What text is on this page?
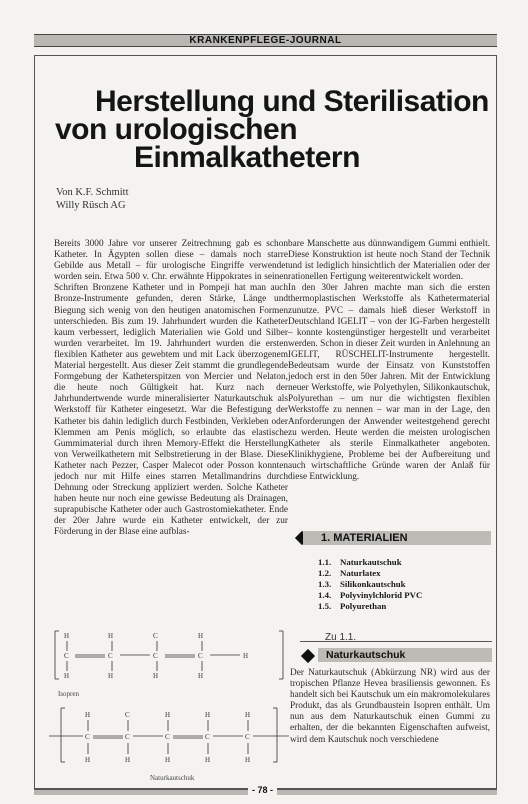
KRANKENPFLEGE-JOURNAL
Herstellung und Sterilisation
von urologischen
Einmalkathetern
Von K.F. Schmitt
Willy Rüsch AG

Bereits 3000 Jahre vor unserer Zeitrechnung gab es schon Katheter. In Ägypten sollen diese – damals noch starre Gebilde aus Metall – für urologische Eingriffe verwendet worden sein. Etwa 500 v. Chr. erwähnte Hippokrates in seinen Schriften Bronzene Katheter und in Pompeji hat man auch Bronze-Instrumente gefunden, deren Stärke, Länge und Biegung sich wenig von den heutigen anatomischen Formen unterschieden. Bis zum 19. Jahrhundert wurden die Katheter kaum verbessert, lediglich Materialien wie Gold und Silber wurden verarbeitet. Im 19. Jahrhundert wurden die ersten flexiblen Katheter aus gewebtem und mit Lack überzogenem Material hergestellt. Aus dieser Zeit stammt die grundlegende Formgebung der Katheterspitzen von Mercier und Nelaton, die heute noch Gültigkeit hat. Kurz nach der Jahrhundertwende wurde mineralisierter Naturkautschuk als Werkstoff für Katheter eingesetzt. War die Befestigung der Katheter bis dahin lediglich durch Festbinden, Verkleben oder Klemmen am Penis möglich, so erlaubte das elastische Gummimaterial durch ihren Memory-Effekt die Herstellung von Verweilkathetern mit Selbstretierung in der Blase. Diese Katheter nach Pezzer, Casper Malecot oder Posson konnten jedoch nur mit Hilfe eines starren Metallmandrins durch Dehnung oder Streckung appliziert werden. Solche Katheter haben heute nur noch eine gewisse Bedeutung als Drainagen, suprapubische Katheter oder auch Gastrostomiekatheter. Ende der 20er Jahre wurde ein Katheter entwickelt, der zur Förderung in der Blase eine aufblas-

bare Manschette aus dünnwandigem Gummi enthielt. Diese Konstruktion ist heute noch Stand der Technik und ist lediglich hinsichtlich der Materialien oder der rationellen Fertigung weiterentwickelt worden.

In den 30er Jahren machte man sich die ersten thermoplastischen Werkstoffe als Kathetermaterial zunutze. PVC – damals hieß dieser Werkstoff in Deutschland IGELIT – von der IG-Farben hergestellt – konnte kostengünstiger hergestellt und verarbeitet werden. Schon in dieser Zeit wurden in Anlehnung an IGELIT, RÜSCHELIT-Instrumente hergestellt. Bedeutsam wurde der Einsatz von Kunststoffen jedoch erst in den 50er Jahren. Mit der Entwicklung neuer Werkstoffe, wie Polyethylen, Silikonkautschuk, Polyurethan – um nur die wichtigsten flexiblen Werkstoffe zu nennen – war man in der Lage, den Anforderungen der Anwender weitestgehend gerecht zu werden. Heute werden die meisten urologischen Katheter als sterile Einmalkatheter angeboten. Klinikhygiene, Probleme bei der Aufbereitung und auch wirtschaftliche Gründe waren der Anlaß für diese Entwicklung.

1. MATERIALIEN
1.1. Naturkautschuk
1.2. Naturlatex
1.3. Silikonkautschuk
1.4. Polyvinylchlorid PVC
1.5. Polyurethan
Zu 1.1.
Naturkautschuk

Der Naturkautschuk (Abkürzung NR) wird aus der tropischen Pflanze Hevea brasiliensis gewonnen. Es handelt sich bei Kautschuk um ein makromolekulares Produkt, das als Grundbaustein Isopren enthält. Um nun aus dem Naturkautschuk einen Gummi zu erhalten, der die bekannten Eigenschaften aufweist, wird dem Kautschuk noch verschiedene

C	C	C	C	H
H	H	C	H
H	H	H	H
Isopren
C	C	C	C	C
H	C	H	H	H
H	H	H	H	H
Naturkautschuk
- 78 -
